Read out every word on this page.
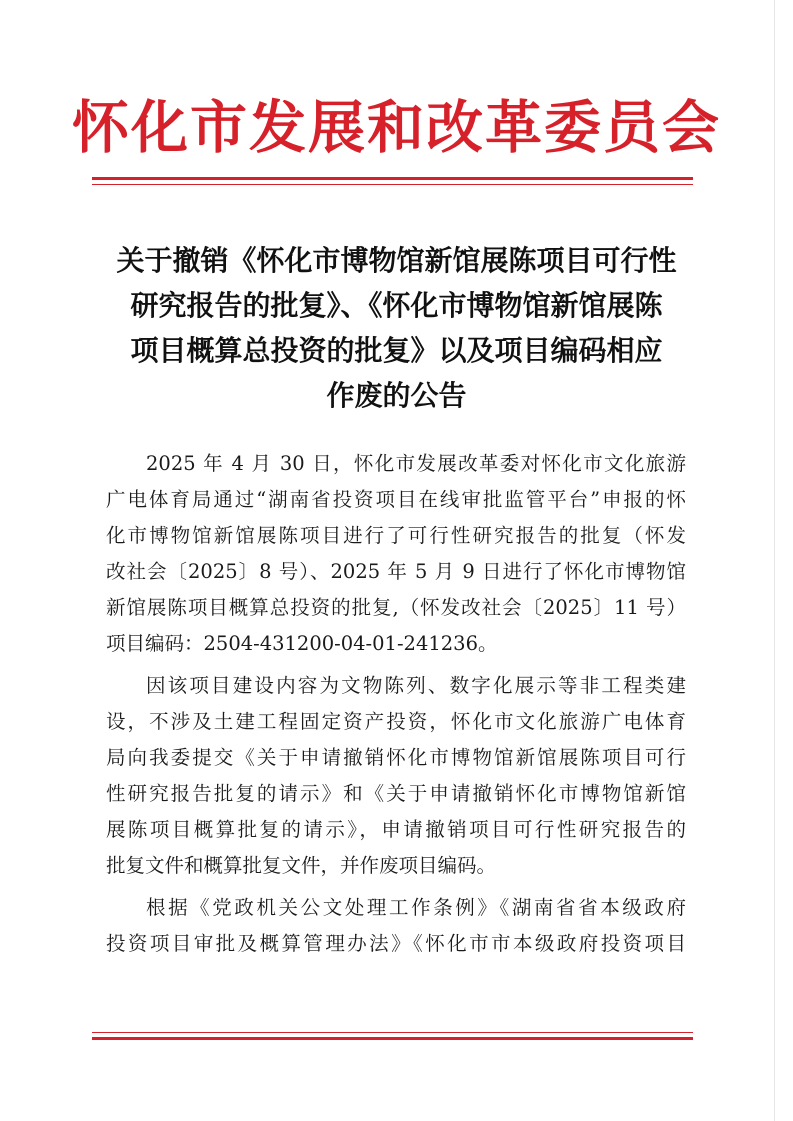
怀化市发展和改革委员会
关于撤销《怀化市博物馆新馆展陈项目可行性
研究报告的批复》、《怀化市博物馆新馆展陈
项目概算总投资的批复》以及项目编码相应
作废的公告
2025 年 4 月 30 日，怀化市发展改革委对怀化市文化旅游
广电体育局通过“湖南省投资项目在线审批监管平台”申报的怀
化市博物馆新馆展陈项目进行了可行性研究报告的批复（怀发
改社会〔2025〕8 号）、2025 年 5 月 9 日进行了怀化市博物馆
新馆展陈项目概算总投资的批复,（怀发改社会〔2025〕11 号）
项目编码：2504-431200-04-01-241236。
因该项目建设内容为文物陈列、数字化展示等非工程类建
设，不涉及土建工程固定资产投资，怀化市文化旅游广电体育
局向我委提交《关于申请撤销怀化市博物馆新馆展陈项目可行
性研究报告批复的请示》和《关于申请撤销怀化市博物馆新馆
展陈项目概算批复的请示》，申请撤销项目可行性研究报告的
批复文件和概算批复文件，并作废项目编码。
根据《党政机关公文处理工作条例》《湖南省省本级政府
投资项目审批及概算管理办法》《怀化市市本级政府投资项目
